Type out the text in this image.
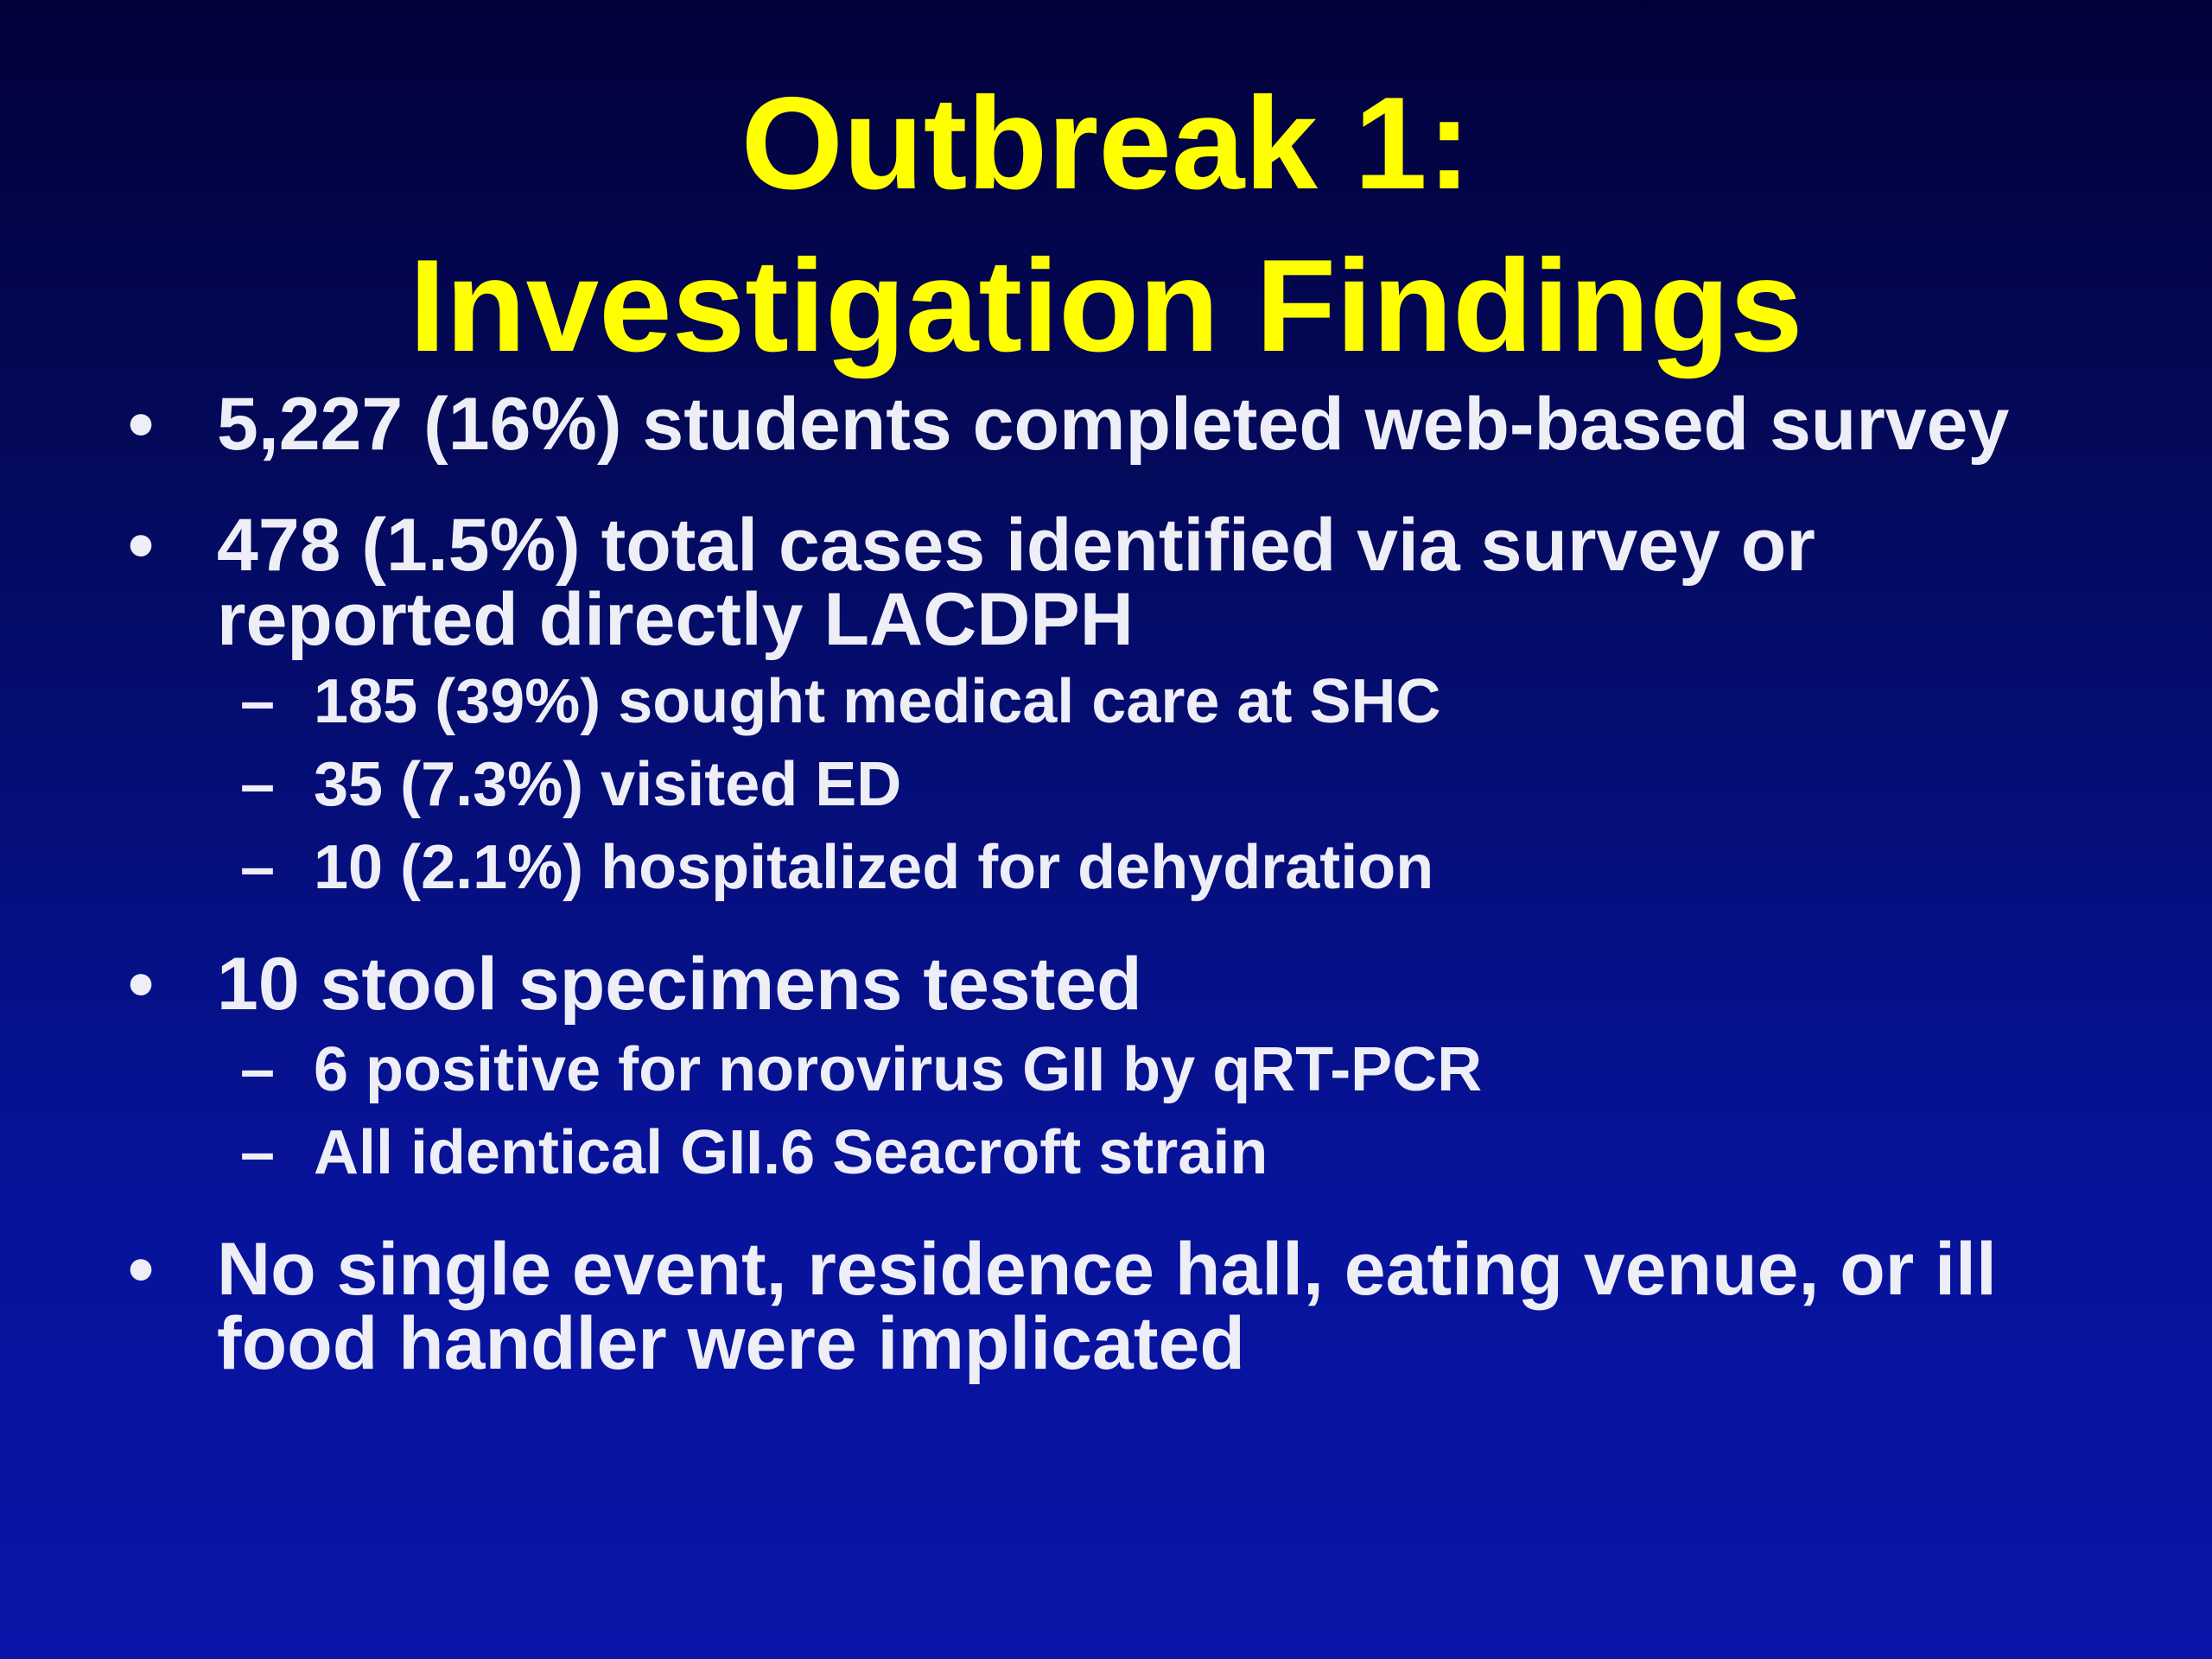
Outbreak 1:
Investigation Findings
• 5,227 (16%) students completed web-based survey
• 478 (1.5%) total cases identified via survey or reported directly LACDPH
– 185 (39%) sought medical care at SHC
– 35 (7.3%) visited ED
– 10 (2.1%) hospitalized for dehydration
• 10 stool specimens tested
– 6 positive for norovirus GII by qRT-PCR
– All identical GII.6 Seacroft strain
• No single event, residence hall, eating venue, or ill food handler were implicated
